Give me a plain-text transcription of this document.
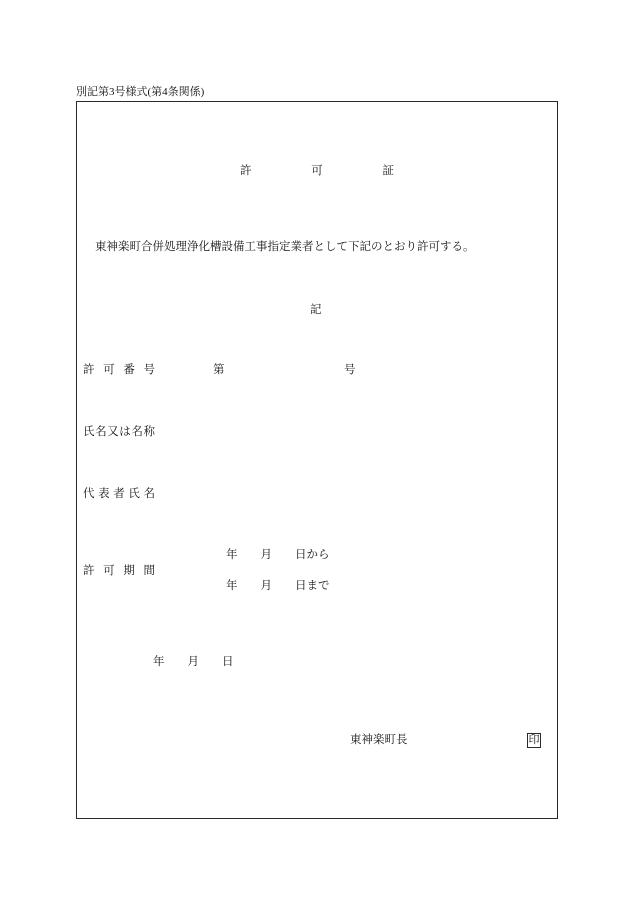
別記第3号様式(第4条関係)
許	可	証
東神楽町合併処理浄化槽設備工事指定業者として下記のとおり許可する。
記
許 可 番 号	第	号
氏名又は名称
代 表 者 氏 名
許 可 期 間
年　　月　　日から
年　　月　　日まで
年　　月　　日
東神楽町長	印
